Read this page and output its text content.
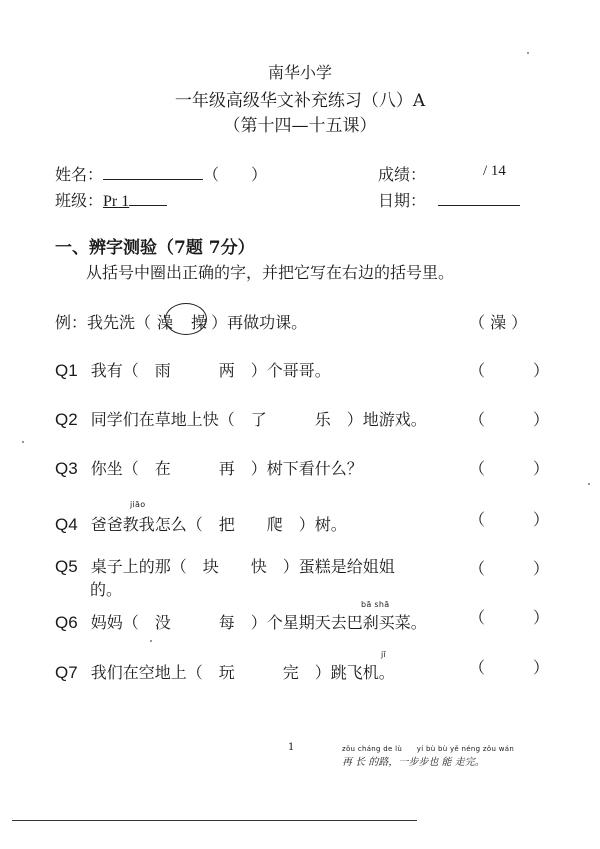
南华小学
一年级高级华文补充练习（八）A
（第十四—十五课）
姓名：	（　　）	成绩：	/ 14
班级：Pr 1	日期：
一、辨字测验（7题 7分）
从括号中圈出正确的字，并把它写在右边的括号里。
例：我先洗（ 澡 操 ）再做功课。	（ 澡 ）
Q1 我有（　雨　　　两　）个哥哥。	（　　　）
Q2 同学们在草地上快（　了　　　乐　）地游戏。	（　　　）
Q3 你坐（　在　　　再　）树下看什么？	（　　　）
jiāo
Q4 爸爸教我怎么（　把　　爬　）树。	（　　　）
Q5 桌子上的那（　块　　快　）蛋糕是给姐姐
的。
（　　　）
bā shā
Q6 妈妈（　没　　　每　）个星期天去巴刹买菜。	（　　　）
jī
Q7 我们在空地上（　玩　　　完　）跳飞机。	（　　　）
1	zǒu cháng de lù　　yí bù bù yě néng zǒu wán
再 长 的路，一步步也 能 走完。
